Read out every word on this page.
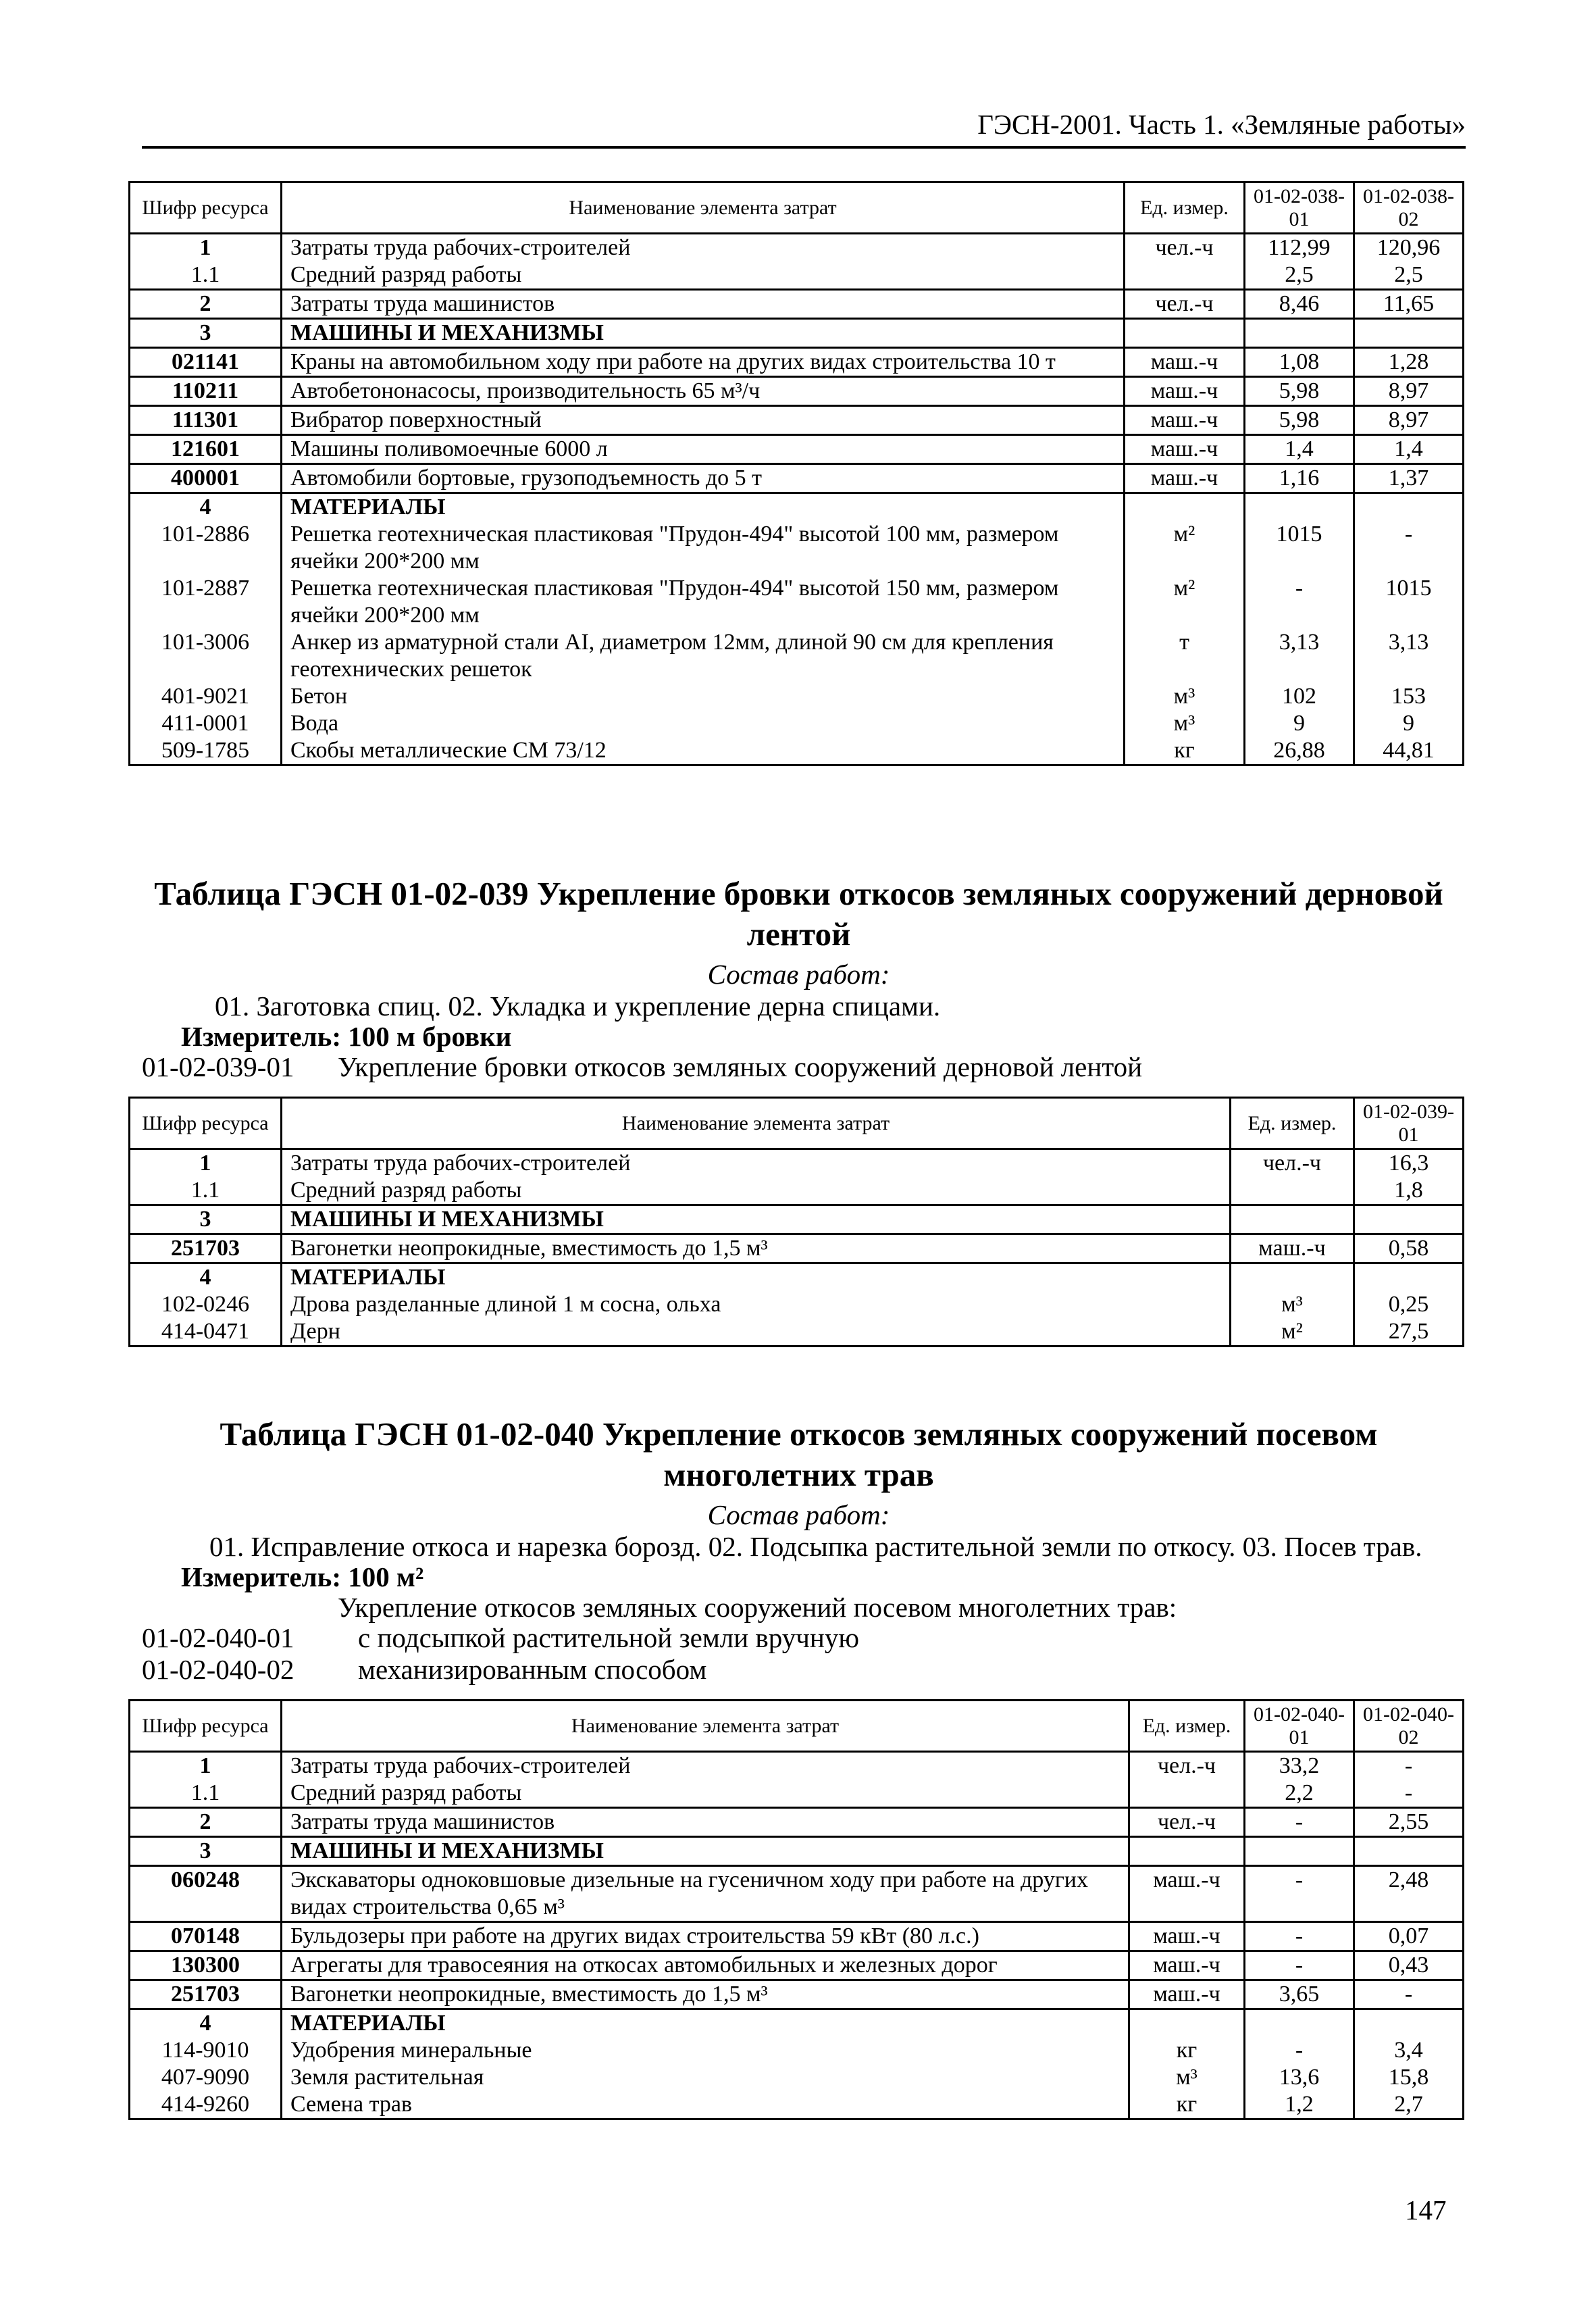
ГЭСН-2001. Часть 1. «Земляные работы»
Шифр ресурса	Наименование элемента затрат	Ед. измер.	01-02-038-01	01-02-038-02
1	Затраты труда рабочих-строителей	чел.-ч	112,99	120,96
1.1	Средний разряд работы		2,5	2,5
2	Затраты труда машинистов	чел.-ч	8,46	11,65
3	МАШИНЫ И МЕХАНИЗМЫ			
021141	Краны на автомобильном ходу при работе на других видах строительства 10 т	маш.-ч	1,08	1,28
110211	Автобетононасосы, производительность 65 м³/ч	маш.-ч	5,98	8,97
111301	Вибратор поверхностный	маш.-ч	5,98	8,97
121601	Машины поливомоечные 6000 л	маш.-ч	1,4	1,4
400001	Автомобили бортовые, грузоподъемность до 5 т	маш.-ч	1,16	1,37
4	МАТЕРИАЛЫ			
101-2886	Решетка геотехническая пластиковая "Прудон-494" высотой 100 мм, размером ячейки 200*200 мм	м²	1015	-
101-2887	Решетка геотехническая пластиковая "Прудон-494" высотой 150 мм, размером ячейки 200*200 мм	м²	-	1015
101-3006	Анкер из арматурной стали AI, диаметром 12мм, длиной 90 см для крепления геотехнических решеток	т	3,13	3,13
401-9021	Бетон	м³	102	153
411-0001	Вода	м³	9	9
509-1785	Скобы металлические СМ 73/12	кг	26,88	44,81
Таблица ГЭСН 01-02-039 Укрепление бровки откосов земляных сооружений дерновой
лентой
Состав работ:
01. Заготовка спиц. 02. Укладка и укрепление дерна спицами.
Измеритель: 100 м бровки
01-02-039-01 Укрепление бровки откосов земляных сооружений дерновой лентой
Шифр ресурса	Наименование элемента затрат	Ед. измер.	01-02-039-01
1	Затраты труда рабочих-строителей	чел.-ч	16,3
1.1	Средний разряд работы		1,8
3	МАШИНЫ И МЕХАНИЗМЫ		
251703	Вагонетки неопрокидные, вместимость до 1,5 м³	маш.-ч	0,58
4	МАТЕРИАЛЫ		
102-0246	Дрова разделанные длиной 1 м сосна, ольха	м³	0,25
414-0471	Дерн	м²	27,5
Таблица ГЭСН 01-02-040 Укрепление откосов земляных сооружений посевом
многолетних трав
Состав работ:
01. Исправление откоса и нарезка борозд. 02. Подсыпка растительной земли по откосу. 03. Посев трав.
Измеритель: 100 м²
Укрепление откосов земляных сооружений посевом многолетних трав:
01-02-040-01 с подсыпкой растительной земли вручную
01-02-040-02 механизированным способом
Шифр ресурса	Наименование элемента затрат	Ед. измер.	01-02-040-01	01-02-040-02
1	Затраты труда рабочих-строителей	чел.-ч	33,2	-
1.1	Средний разряд работы		2,2	-
2	Затраты труда машинистов	чел.-ч	-	2,55
3	МАШИНЫ И МЕХАНИЗМЫ			
060248	Экскаваторы одноковшовые дизельные на гусеничном ходу при работе на других видах строительства 0,65 м³	маш.-ч	-	2,48
070148	Бульдозеры при работе на других видах строительства 59 кВт (80 л.с.)	маш.-ч	-	0,07
130300	Агрегаты для травосеяния на откосах автомобильных и железных дорог	маш.-ч	-	0,43
251703	Вагонетки неопрокидные, вместимость до 1,5 м³	маш.-ч	3,65	-
4	МАТЕРИАЛЫ			
114-9010	Удобрения минеральные	кг	-	3,4
407-9090	Земля растительная	м³	13,6	15,8
414-9260	Семена трав	кг	1,2	2,7
147
